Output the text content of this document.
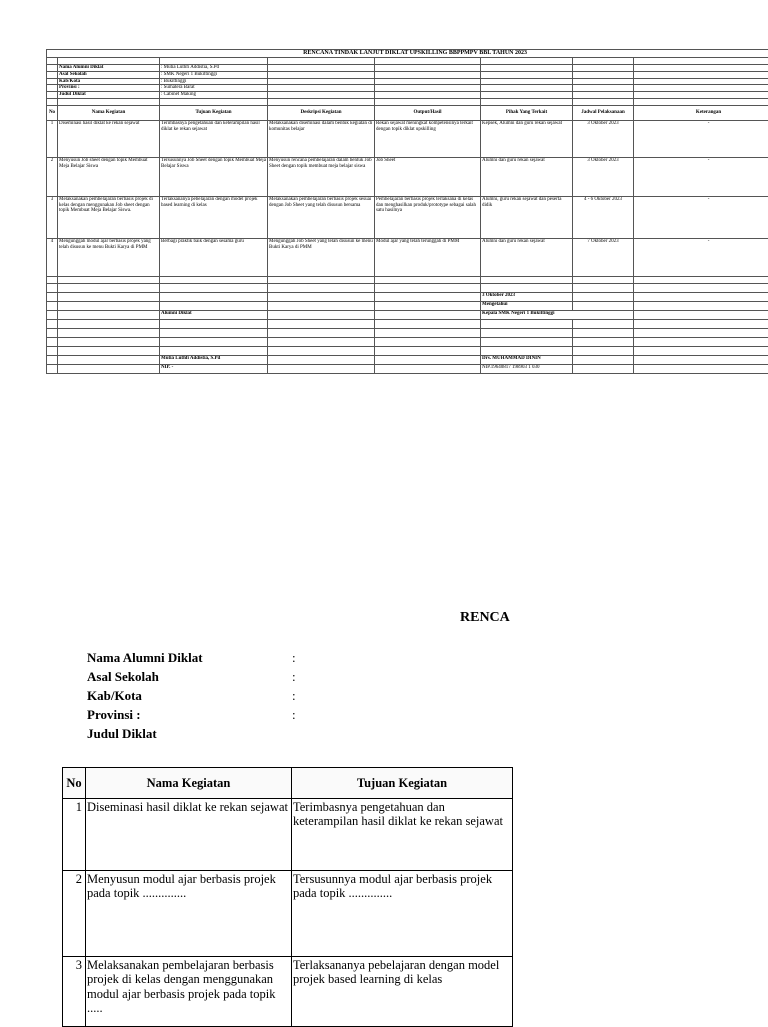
RENCANA TINDAK LANJUT DIKLAT UPSKILLING BBPPMPV BBL TAHUN 2023							

	Nama Alumni Diklat	: Mutia Luthfi Addistia, S.Pd					
	Asal Sekolah	: SMK Negeri 1 Bukittinggi					
	Kab/Kota	: Bukittinggi					
	Provinsi :	: Sumatera Barat					
	Judul Diklat	: Cabinet Making					

No	Nama Kegiatan	Tujuan Kegiatan	Deskripsi Kegiatan	Output/Hasil	Pihak Yang Terkait	Jadwal Pelaksanaan	Keterangan
1	Diseminasi hasil diklat ke rekan sejawat	Terimbasnya pengetahuan dan keterampilan hasil diklat ke rekan sejawat	Melaksanakan diseminasi dalam bentuk kegiatan di komunitas belajar	Rekan sejawat meningkat kompetensinya terkait dengan topik diklat upskilling	Kepsek, Alumni dan guru rekan sejawat	3 Oktober 2023	-
2	Menyusun Job sheet dengan topik Membuat Meja Belajar Siswa	Tersusunnya Job Sheet dengan topik Membuat Meja Belajar Siswa	Menyusun rencana pembelajaran dalam bentuk Job Sheet dengan topik membuat meja belajar siswa	Job Sheet	Alumni dan guru rekan sejawat	3 Oktober 2023	-
3	Melaksanakan pembelajaran berbasis projek di kelas dengan menggunakan Job sheet dengan topik Membuat Meja Belajar Siswa.	Terlaksananya pebelajaran dengan model projek based learning di kelas	Melaksanakan pembelajaran berbasis projek sesuai dengan Job Sheet yang telah disusun bersama	Pembelajaran berbasis projek terlaksana di kelas dan menghasilkan produk/prototype sebagai salah satu hasilnya	Alumni, guru rekan sejawat dan peserta didik	4 - 6 Oktober 2023	-
4	Mengunggah modul ajar berbasis projek yang telah disusun ke menu Bukti Karya di PMM	Berbagi praktik baik dengan sesama guru	Mengunggah Job Sheet yang telah disusun ke menu Bukti Karya di PMM	Modul ajar yang telah terunggah di PMM	Alumni dan guru rekan sejawat	7 Oktober 2023	-

					3 Oktober 2023		
					Mengetahui		
		Alumni Diklat			Kepala SMK Negeri 1 Bukittinggi		

		Mutia Luthfi Addistia, S.Pd			Drs. MUHAMMAD DININ		
		NIP. -			NIP.19640817 198903 1 030		
RENCA
Nama Alumni Diklat	:
Asal Sekolah	:
Kab/Kota	:
Provinsi :	:
Judul Diklat
No	Nama Kegiatan	Tujuan Kegiatan
1	Diseminasi hasil diklat ke rekan sejawat	Terimbasnya pengetahuan dan keterampilan hasil diklat ke rekan sejawat
2	Menyusun modul ajar berbasis projek pada topik ..............	Tersusunnya modul ajar berbasis projek pada topik ..............
3	Melaksanakan pembelajaran berbasis projek di kelas dengan menggunakan modul ajar berbasis projek pada topik .....	Terlaksananya pebelajaran dengan model projek based learning di kelas
